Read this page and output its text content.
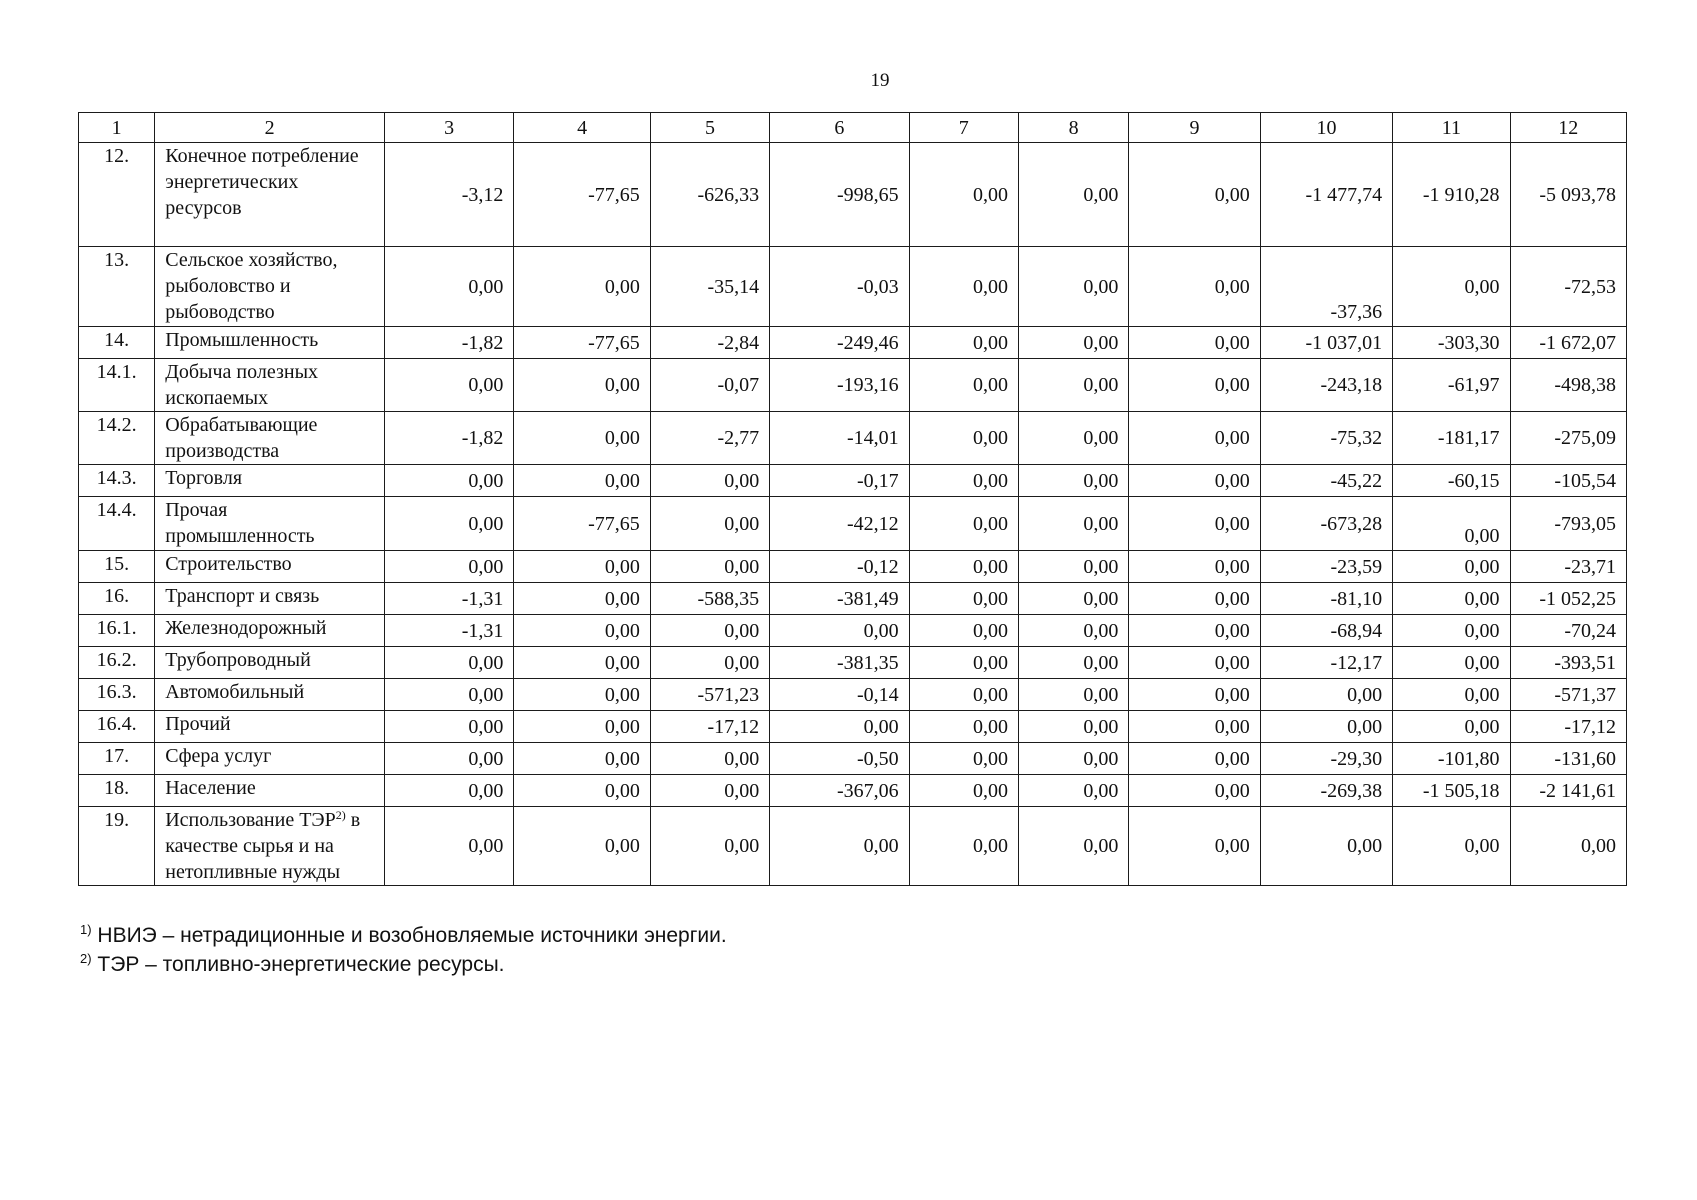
19
1	2	3	4	5	6	7	8	9	10	11	12
12.	Конечное потребление энергетических ресурсов	-3,12	-77,65	-626,33	-998,65	0,00	0,00	0,00	-1 477,74	-1 910,28	-5 093,78
13.	Сельское хозяйство, рыболовство и рыбоводство	0,00	0,00	-35,14	-0,03	0,00	0,00	0,00	-37,36	0,00	-72,53
14.	Промышленность	-1,82	-77,65	-2,84	-249,46	0,00	0,00	0,00	-1 037,01	-303,30	-1 672,07
14.1.	Добыча полезных ископаемых	0,00	0,00	-0,07	-193,16	0,00	0,00	0,00	-243,18	-61,97	-498,38
14.2.	Обрабатывающие производства	-1,82	0,00	-2,77	-14,01	0,00	0,00	0,00	-75,32	-181,17	-275,09
14.3.	Торговля	0,00	0,00	0,00	-0,17	0,00	0,00	0,00	-45,22	-60,15	-105,54
14.4.	Прочая промышленность	0,00	-77,65	0,00	-42,12	0,00	0,00	0,00	-673,28	0,00	-793,05
15.	Строительство	0,00	0,00	0,00	-0,12	0,00	0,00	0,00	-23,59	0,00	-23,71
16.	Транспорт и связь	-1,31	0,00	-588,35	-381,49	0,00	0,00	0,00	-81,10	0,00	-1 052,25
16.1.	Железнодорожный	-1,31	0,00	0,00	0,00	0,00	0,00	0,00	-68,94	0,00	-70,24
16.2.	Трубопроводный	0,00	0,00	0,00	-381,35	0,00	0,00	0,00	-12,17	0,00	-393,51
16.3.	Автомобильный	0,00	0,00	-571,23	-0,14	0,00	0,00	0,00	0,00	0,00	-571,37
16.4.	Прочий	0,00	0,00	-17,12	0,00	0,00	0,00	0,00	0,00	0,00	-17,12
17.	Сфера услуг	0,00	0,00	0,00	-0,50	0,00	0,00	0,00	-29,30	-101,80	-131,60
18.	Население	0,00	0,00	0,00	-367,06	0,00	0,00	0,00	-269,38	-1 505,18	-2 141,61
19.	Использование ТЭР$^{2)}$ в качестве сырья и на нетопливные нужды	0,00	0,00	0,00	0,00	0,00	0,00	0,00	0,00	0,00	0,00
$^{1)}$ НВИЭ – нетрадиционные и возобновляемые источники энергии.
$^{2)}$ ТЭР – топливно-энергетические ресурсы.
